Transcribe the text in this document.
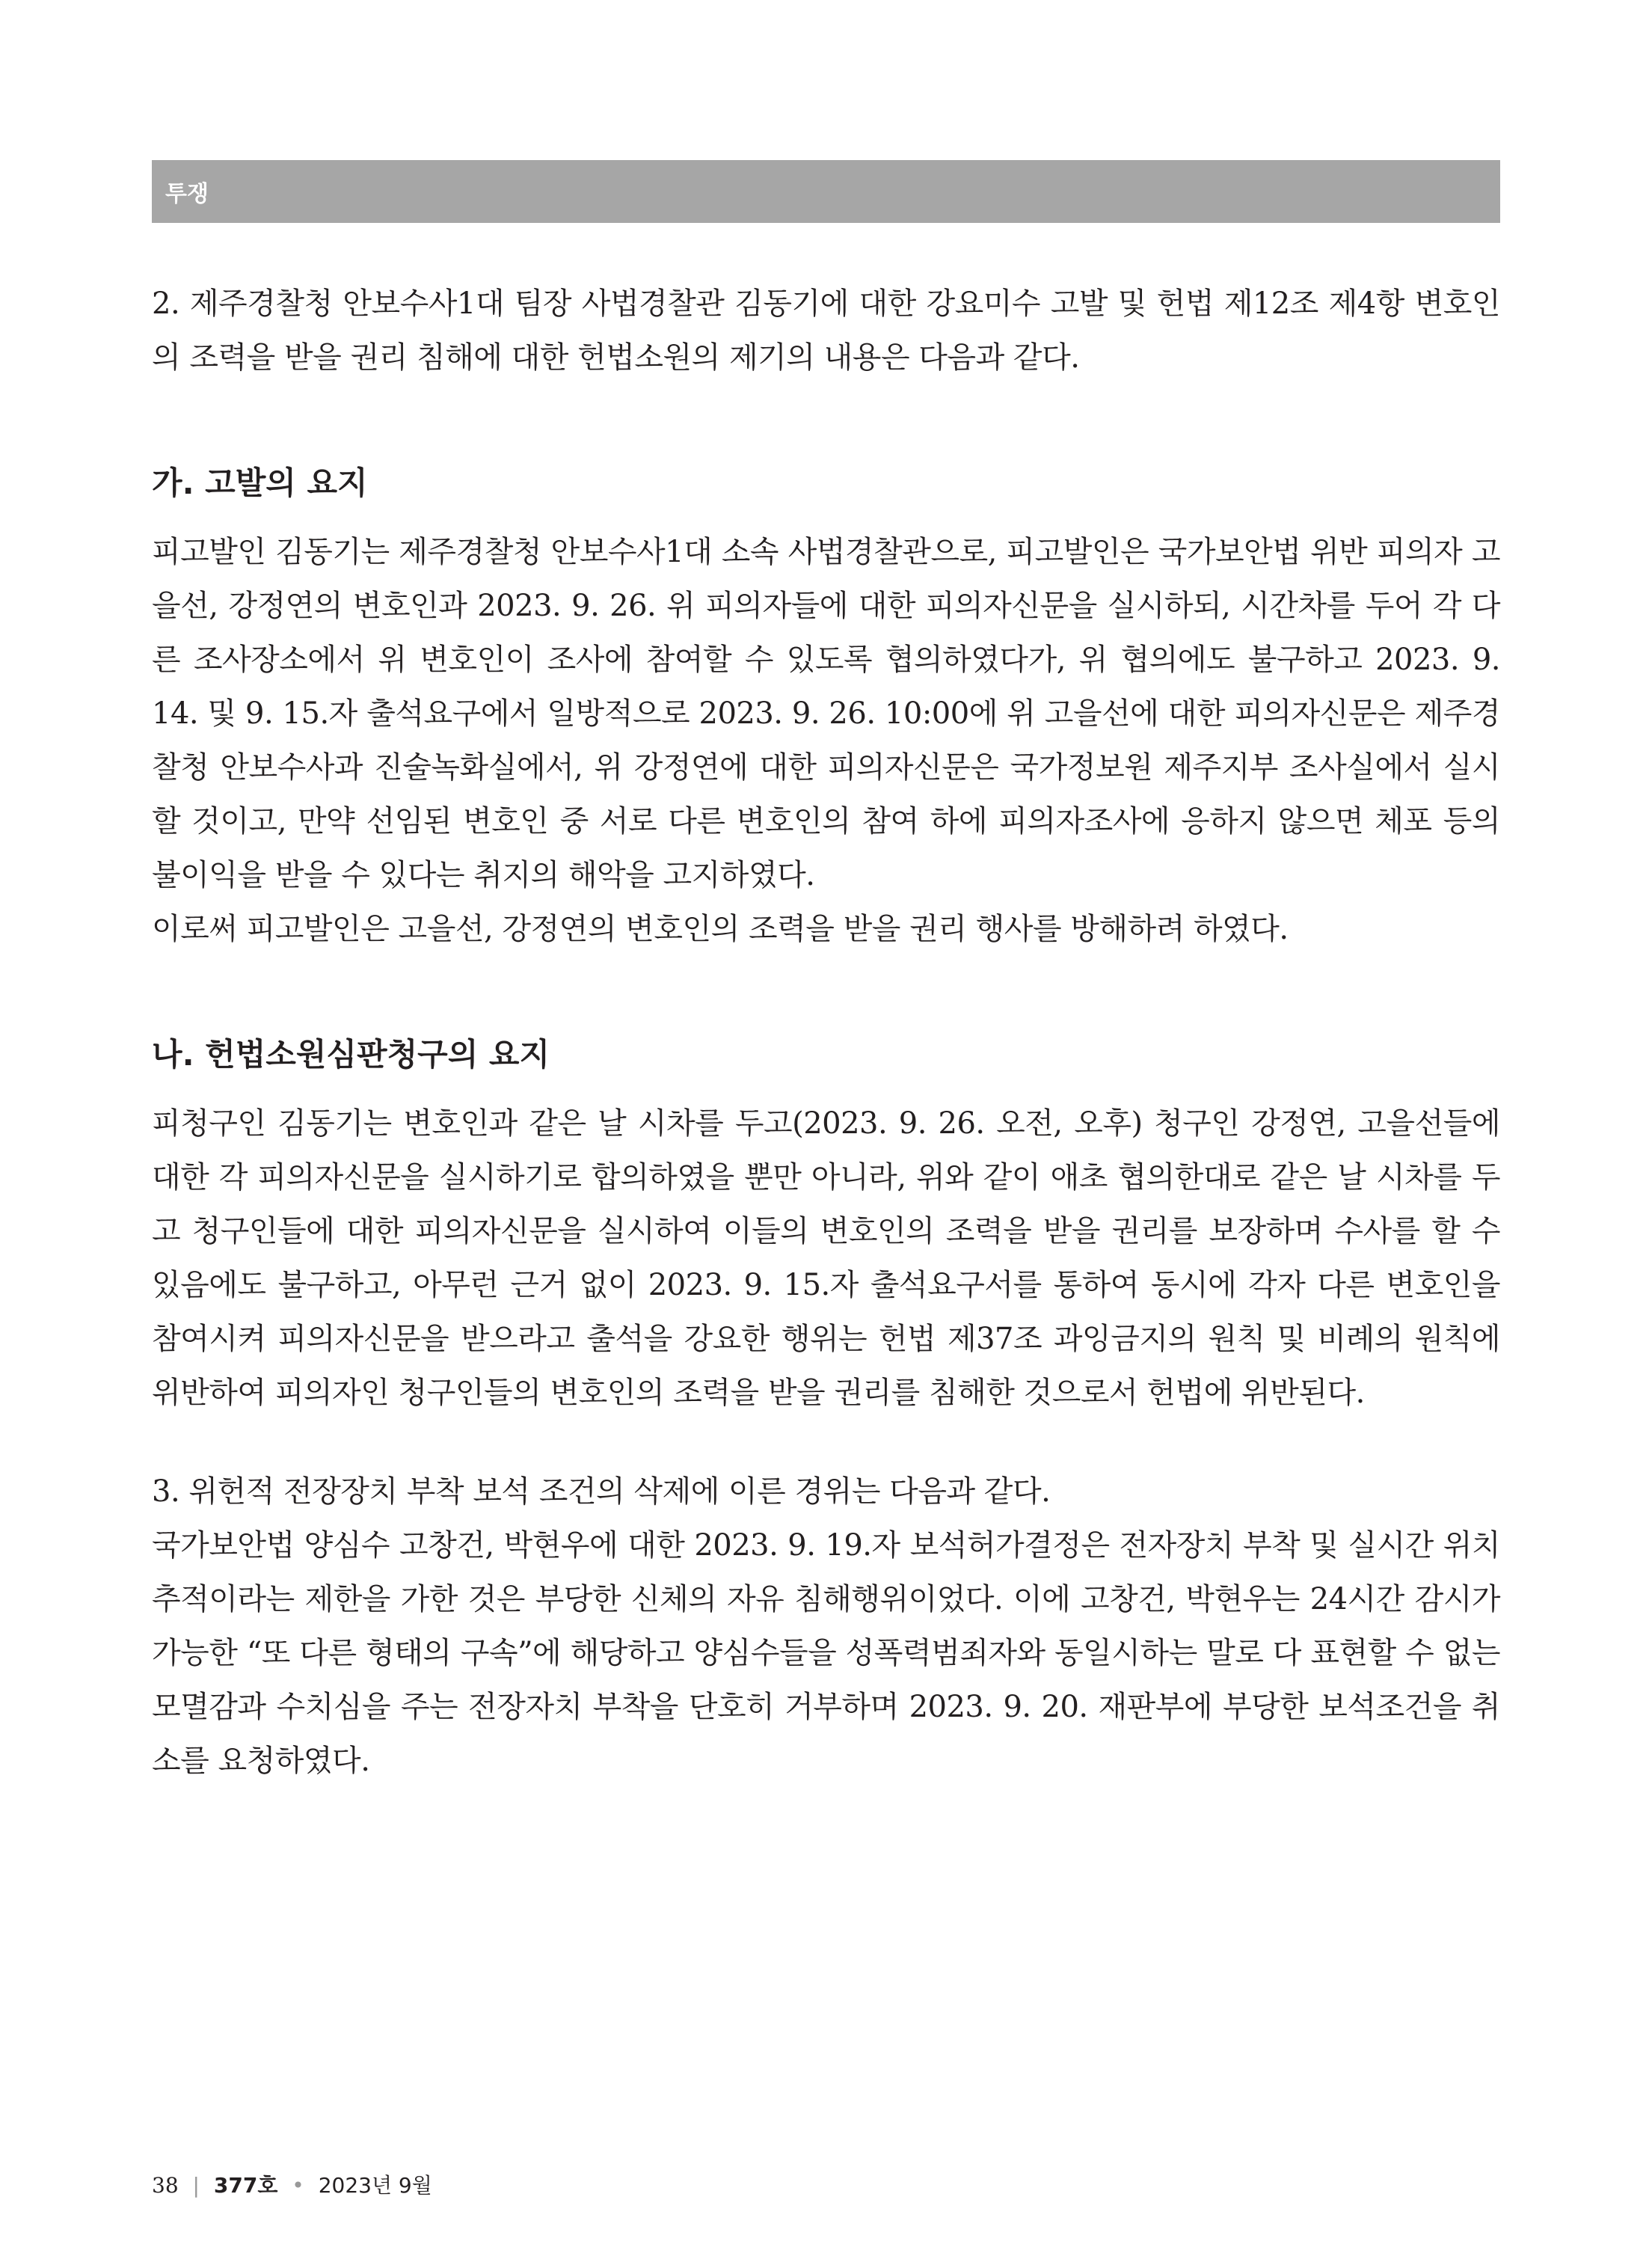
투쟁

2. 제주경찰청 안보수사1대 팀장 사법경찰관 김동기에 대한 강요미수 고발 및 헌법 제12조 제4항 변호인의 조력을 받을 권리 침해에 대한 헌법소원의 제기의 내용은 다음과 같다.

가. 고발의 요지

피고발인 김동기는 제주경찰청 안보수사1대 소속 사법경찰관으로, 피고발인은 국가보안법 위반 피의자 고을선, 강정연의 변호인과 2023. 9. 26. 위 피의자들에 대한 피의자신문을 실시하되, 시간차를 두어 각 다른 조사장소에서 위 변호인이 조사에 참여할 수 있도록 협의하였다가, 위 협의에도 불구하고 2023. 9. 14. 및 9. 15.자 출석요구에서 일방적으로 2023. 9. 26. 10:00에 위 고을선에 대한 피의자신문은 제주경찰청 안보수사과 진술녹화실에서, 위 강정연에 대한 피의자신문은 국가정보원 제주지부 조사실에서 실시할 것이고, 만약 선임된 변호인 중 서로 다른 변호인의 참여 하에 피의자조사에 응하지 않으면 체포 등의 불이익을 받을 수 있다는 취지의 해악을 고지하였다.

이로써 피고발인은 고을선, 강정연의 변호인의 조력을 받을 권리 행사를 방해하려 하였다.

나. 헌법소원심판청구의 요지

피청구인 김동기는 변호인과 같은 날 시차를 두고(2023. 9. 26. 오전, 오후) 청구인 강정연, 고을선들에 대한 각 피의자신문을 실시하기로 합의하였을 뿐만 아니라, 위와 같이 애초 협의한대로 같은 날 시차를 두고 청구인들에 대한 피의자신문을 실시하여 이들의 변호인의 조력을 받을 권리를 보장하며 수사를 할 수 있음에도 불구하고, 아무런 근거 없이 2023. 9. 15.자 출석요구서를 통하여 동시에 각자 다른 변호인을 참여시켜 피의자신문을 받으라고 출석을 강요한 행위는 헌법 제37조 과잉금지의 원칙 및 비례의 원칙에 위반하여 피의자인 청구인들의 변호인의 조력을 받을 권리를 침해한 것으로서 헌법에 위반된다.

3. 위헌적 전장장치 부착 보석 조건의 삭제에 이른 경위는 다음과 같다.

국가보안법 양심수 고창건, 박현우에 대한 2023. 9. 19.자 보석허가결정은 전자장치 부착 및 실시간 위치추적이라는 제한을 가한 것은 부당한 신체의 자유 침해행위이었다. 이에 고창건, 박현우는 24시간 감시가 가능한 “또 다른 형태의 구속”에 해당하고 양심수들을 성폭력범죄자와 동일시하는 말로 다 표현할 수 없는 모멸감과 수치심을 주는 전장자치 부착을 단호히 거부하며 2023. 9. 20. 재판부에 부당한 보석조건을 취소를 요청하였다.

38 | 377호 • 2023년 9월
